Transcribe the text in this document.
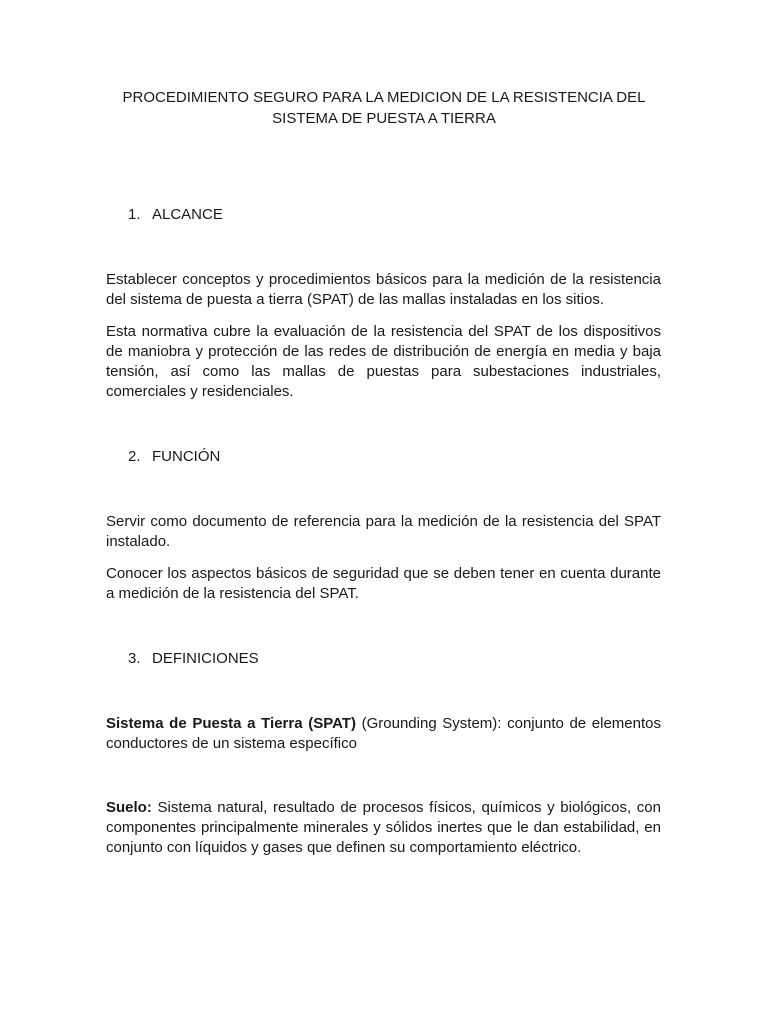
PROCEDIMIENTO SEGURO PARA LA MEDICION DE LA RESISTENCIA DEL SISTEMA DE PUESTA A TIERRA
1. ALCANCE

Establecer conceptos y procedimientos básicos para la medición de la resistencia del sistema de puesta a tierra (SPAT) de las mallas instaladas en los sitios.

Esta normativa cubre la evaluación de la resistencia del SPAT de los dispositivos de maniobra y protección de las redes de distribución de energía en media y baja tensión, así como las mallas de puestas para subestaciones industriales, comerciales y residenciales.

2. FUNCIÓN

Servir como documento de referencia para la medición de la resistencia del SPAT instalado.

Conocer los aspectos básicos de seguridad que se deben tener en cuenta durante a medición de la resistencia del SPAT.

3. DEFINICIONES

Sistema de Puesta a Tierra (SPAT) (Grounding System): conjunto de elementos conductores de un sistema específico

Suelo: Sistema natural, resultado de procesos físicos, químicos y biológicos, con componentes principalmente minerales y sólidos inertes que le dan estabilidad, en conjunto con líquidos y gases que definen su comportamiento eléctrico.
